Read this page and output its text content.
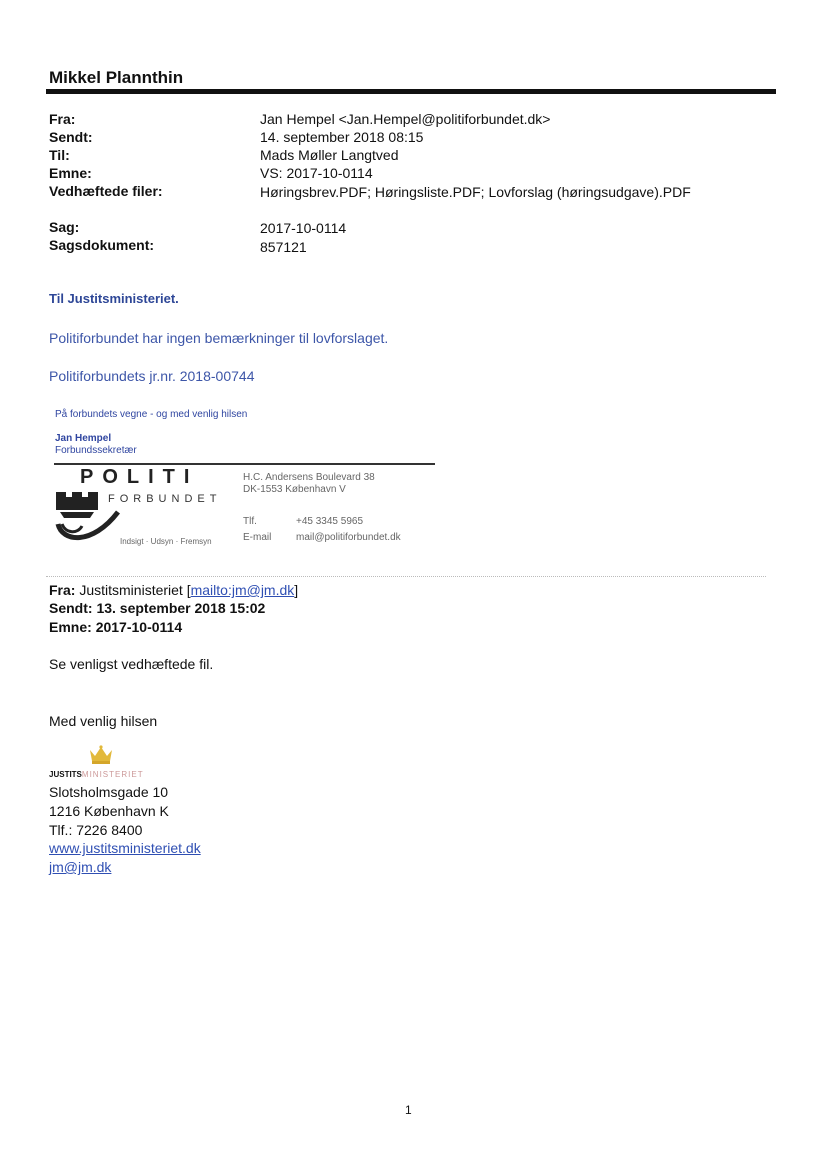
Mikkel Plannthin
Fra:	Jan Hempel <Jan.Hempel@politiforbundet.dk>
Sendt:	14. september 2018 08:15
Til:	Mads Møller Langtved
Emne:	VS: 2017-10-0114
Vedhæftede filer:	Høringsbrev.PDF; Høringsliste.PDF; Lovforslag (høringsudgave).PDF
Sag:	2017-10-0114
Sagsdokument:	857121
Til Justitsministeriet.
Politiforbundet har ingen bemærkninger til lovforslaget.
Politiforbundets jr.nr. 2018-00744
På forbundets vegne - og med venlig hilsen
Jan Hempel
Forbundssekretær
POLITI
FORBUNDET
Indsigt · Udsyn · Fremsyn
H.C. Andersens Boulevard 38
DK-1553 København V
Tlf.	+45 3345 5965
E-mail mail@politiforbundet.dk
Fra: Justitsministeriet [mailto:jm@jm.dk]
Sendt: 13. september 2018 15:02
Emne: 2017-10-0114
Se venligst vedhæftede fil.
Med venlig hilsen
JUSTITSMINISTERIET
Slotsholmsgade 10
1216 København K
Tlf.: 7226 8400
www.justitsministeriet.dk
jm@jm.dk
1
